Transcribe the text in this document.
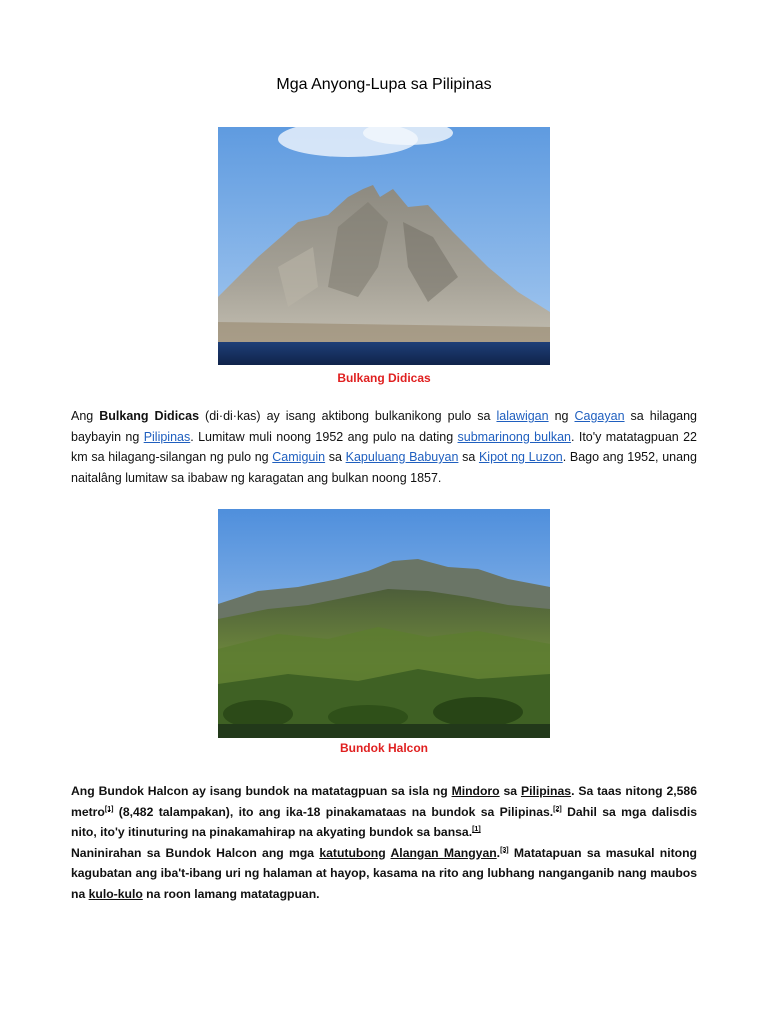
Mga Anyong-Lupa sa Pilipinas
Bulkang Didicas

Ang Bulkang Didicas (di·di·kas) ay isang aktibong bulkanikong pulo sa lalawigan ng Cagayan sa hilagang baybayin ng Pilipinas. Lumitaw muli noong 1952 ang pulo na dating submarinong bulkan. Ito'y matatagpuan 22 km sa hilagang-silangan ng pulo ng Camiguin sa Kapuluang Babuyan sa Kipot ng Luzon. Bago ang 1952, unang naitalâng lumitaw sa ibabaw ng karagatan ang bulkan noong 1857.

Bundok Halcon

Ang Bundok Halcon ay isang bundok na matatagpuan sa isla ng Mindoro sa Pilipinas. Sa taas nitong 2,586 metro[1] (8,482 talampakan), ito ang ika-18 pinakamataas na bundok sa Pilipinas.[2] Dahil sa mga dalisdis nito, ito'y itinuturing na pinakamahirap na akyating bundok sa bansa.[1]
Naninirahan sa Bundok Halcon ang mga katutubong Alangan Mangyan.[3] Matatapuan sa masukal nitong kagubatan ang iba't-ibang uri ng halaman at hayop, kasama na rito ang lubhang nanganganib nang maubos na kulo-kulo na roon lamang matatagpuan.
